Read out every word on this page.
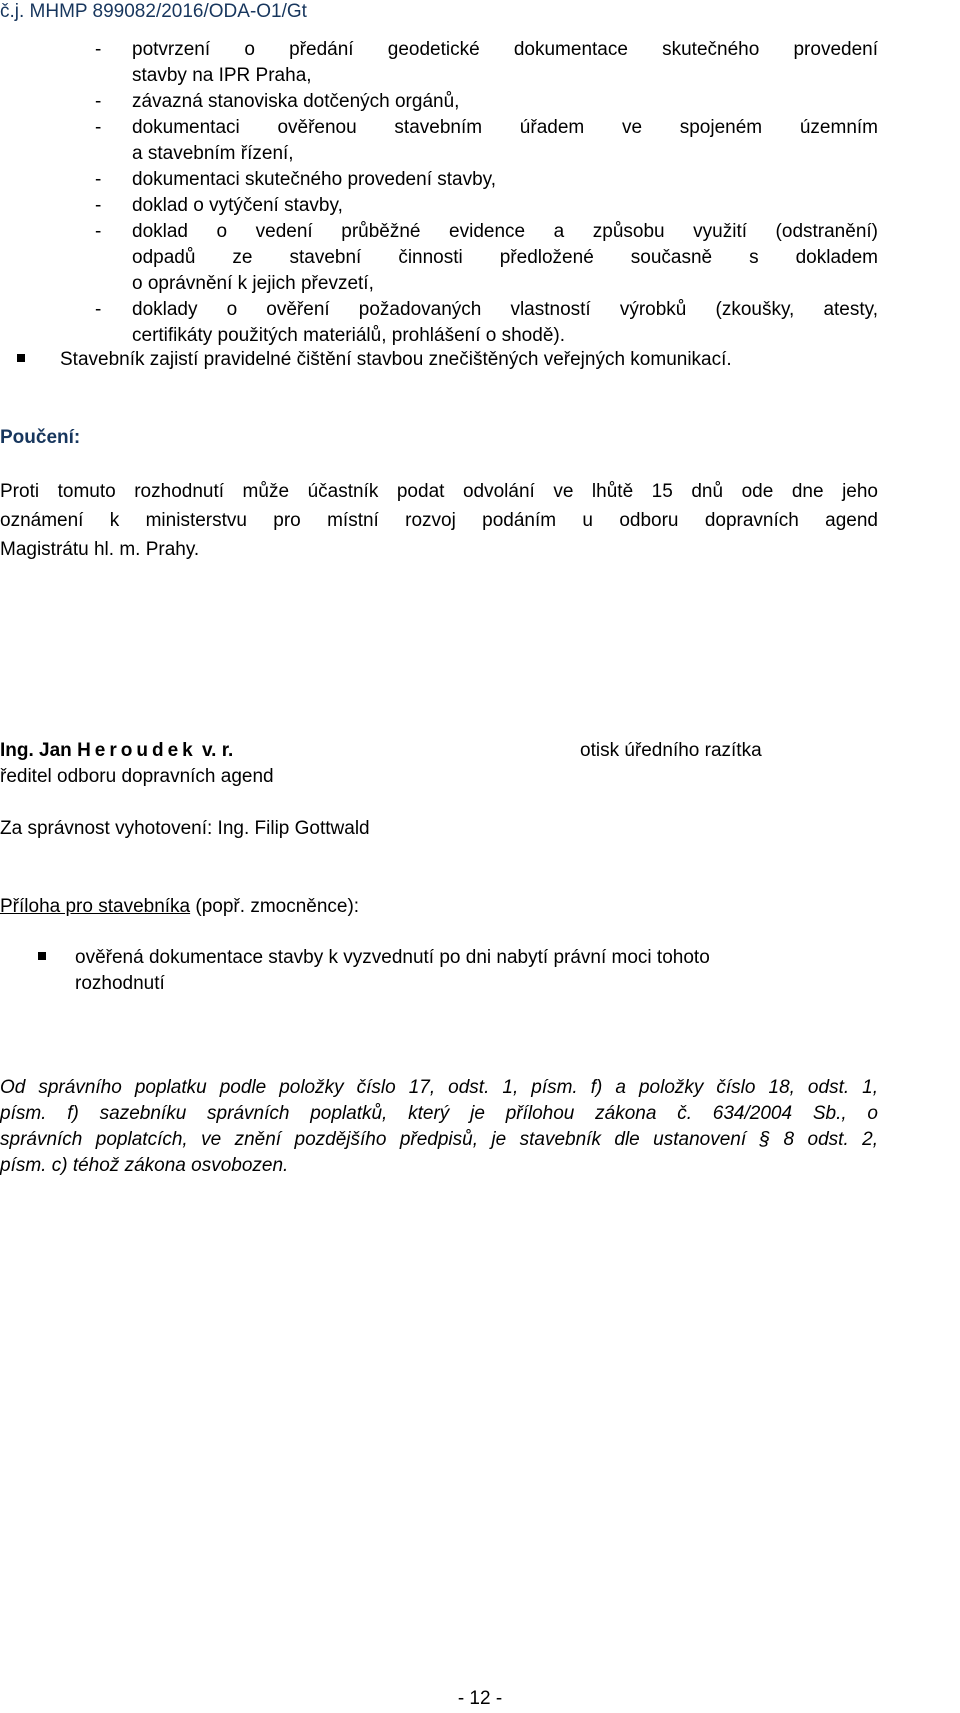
č.j. MHMP 899082/2016/ODA-O1/Gt
- potvrzení o předání geodetické dokumentace skutečného provedení
stavby na IPR Praha,
- závazná stanoviska dotčených orgánů,
- dokumentaci ověřenou stavebním úřadem ve spojeném územním
a stavebním řízení,
- dokumentaci skutečného provedení stavby,
- doklad o vytýčení stavby,
- doklad o vedení průběžné evidence a způsobu využití (odstranění)
odpadů ze stavební činnosti předložené současně s dokladem
o oprávnění k jejich převzetí,
- doklady o ověření požadovaných vlastností výrobků (zkoušky, atesty,
certifikáty použitých materiálů, prohlášení o shodě).
Stavebník zajistí pravidelné čištění stavbou znečištěných veřejných komunikací.
Poučení:
Proti tomuto rozhodnutí může účastník podat odvolání ve lhůtě 15 dnů ode dne jeho
oznámení k ministerstvu pro místní rozvoj podáním u odboru dopravních agend
Magistrátu hl. m. Prahy.
Ing. Jan Heroudek v. r.	otisk úředního razítka
ředitel odboru dopravních agend
Za správnost vyhotovení: Ing. Filip Gottwald
Příloha pro stavebníka (popř. zmocněnce):
ověřená dokumentace stavby k vyzvednutí po dni nabytí právní moci tohoto
rozhodnutí
Od správního poplatku podle položky číslo 17, odst. 1, písm. f) a položky číslo 18, odst. 1,
písm. f) sazebníku správních poplatků, který je přílohou zákona č. 634/2004 Sb., o
správních poplatcích, ve znění pozdějšího předpisů, je stavebník dle ustanovení § 8 odst. 2,
písm. c) téhož zákona osvobozen.
- 12 -
